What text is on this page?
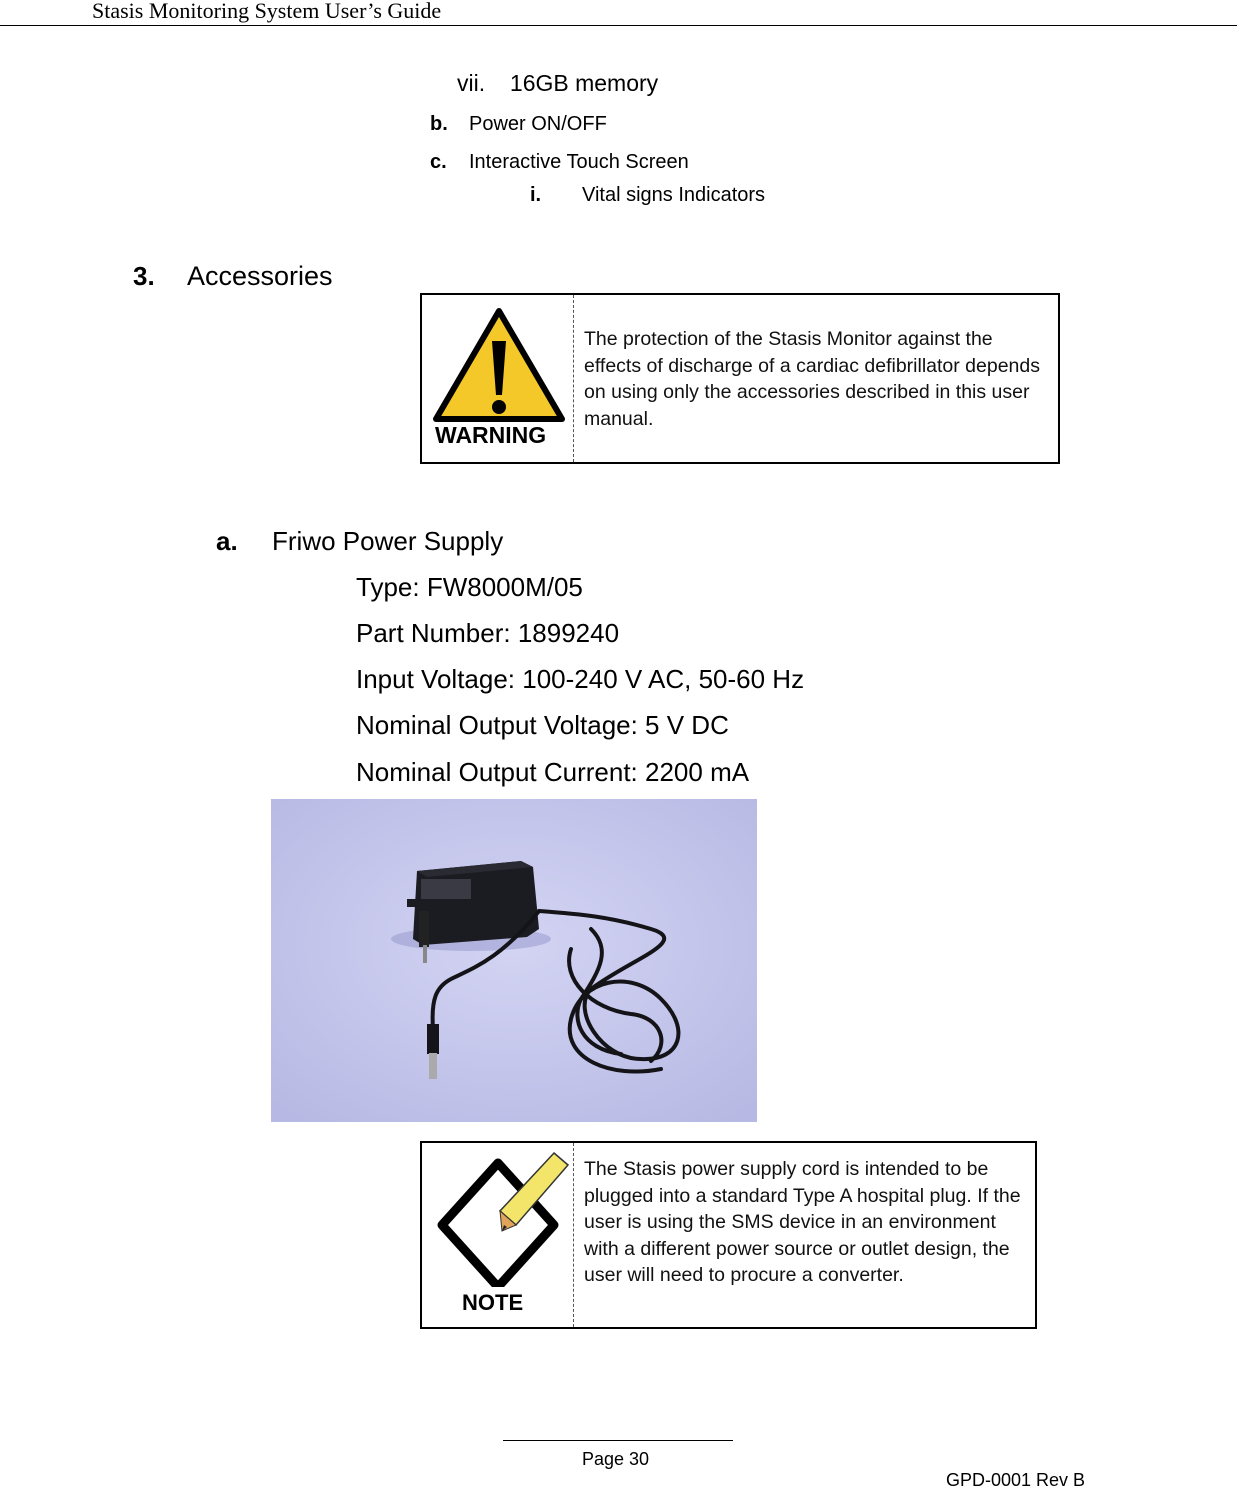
Stasis Monitoring System User’s Guide
vii. 16GB memory
b. Power ON/OFF
c. Interactive Touch Screen
i. Vital signs Indicators
3. Accessories
WARNING
The protection of the Stasis Monitor against the effects of discharge of a cardiac defibrillator depends on using only the accessories described in this user manual.
a. Friwo Power Supply
Type: FW8000M/05
Part Number: 1899240
Input Voltage: 100-240 V AC, 50-60 Hz
Nominal Output Voltage: 5 V DC
Nominal Output Current: 2200 mA
NOTE
The Stasis power supply cord is intended to be plugged into a standard Type A hospital plug. If the user is using the SMS device in an environment with a different power source or outlet design, the user will need to procure a converter.
Page 30
GPD-0001 Rev B
